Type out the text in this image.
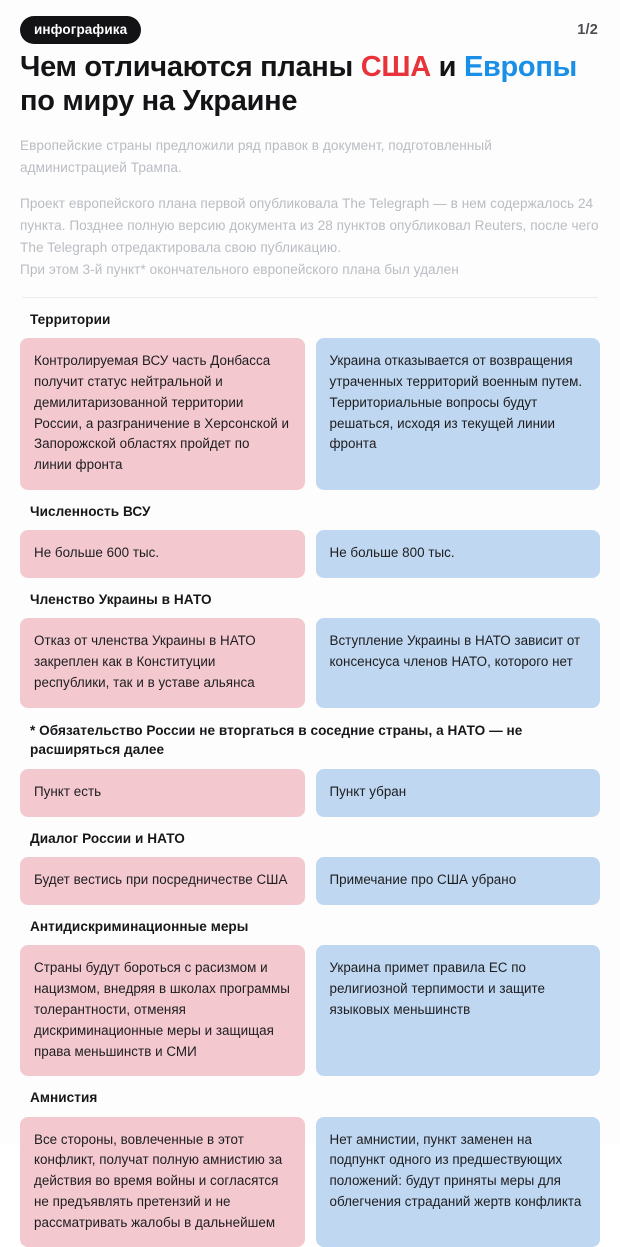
инфографика	1/2
Чем отличаются планы США и Европы
по миру на Украине

Европейские страны предложили ряд правок в документ, подготовленный администрацией Трампа.

Проект европейского плана первой опубликовала The Telegraph — в нем содержалось 24 пункта. Позднее полную версию документа из 28 пунктов опубликовал Reuters, после чего The Telegraph отредактировала свою публикацию.

При этом 3-й пункт* окончательного европейского плана был удален

Территории
Контролируемая ВСУ часть Донбасса получит статус нейтральной и демилитаризованной территории России, а разграничение в Херсонской и Запорожской областях пройдет по линии фронта
Украина отказывается от возвращения утраченных территорий военным путем. Территориальные вопросы будут решаться, исходя из текущей линии фронта
Численность ВСУ
Не больше 600 тыс.	Не больше 800 тыс.
Членство Украины в НАТО
Отказ от членства Украины в НАТО закреплен как в Конституции республики, так и в уставе альянса
Вступление Украины в НАТО зависит от консенсуса членов НАТО, которого нет
* Обязательство России не вторгаться в соседние страны, а НАТО — не расширяться далее
Пункт есть	Пункт убран
Диалог России и НАТО
Будет вестись при посредничестве США	Примечание про США убрано
Антидискриминационные меры
Страны будут бороться с расизмом и нацизмом, внедряя в школах программы толерантности, отменяя дискриминационные меры и защищая права меньшинств и СМИ
Украина примет правила ЕС по религиозной терпимости и защите языковых меньшинств
Амнистия
Все стороны, вовлеченные в этот конфликт, получат полную амнистию за действия во время войны и согласятся не предъявлять претензий и не рассматривать жалобы в дальнейшем
Нет амнистии, пункт заменен на подпункт одного из предшествующих положений: будут приняты меры для облегчения страданий жертв конфликта
